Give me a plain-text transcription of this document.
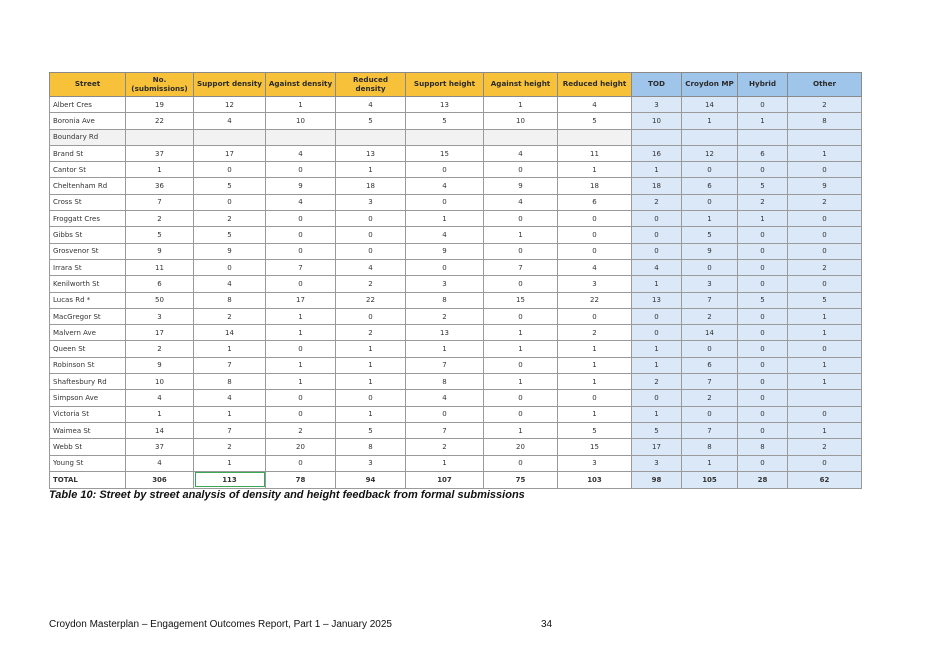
Street	No. (submissions)	Support density	Against density	Reduced density	Support height	Against height	Reduced height	TOD	Croydon MP	Hybrid	Other
Albert Cres	19	12	1	4	13	1	4	3	14	0	2
Boronia Ave	22	4	10	5	5	10	5	10	1	1	8
Boundary Rd											
Brand St	37	17	4	13	15	4	11	16	12	6	1
Cantor St	1	0	0	1	0	0	1	1	0	0	0
Cheltenham Rd	36	5	9	18	4	9	18	18	6	5	9
Cross St	7	0	4	3	0	4	6	2	0	2	2
Froggatt Cres	2	2	0	0	1	0	0	0	1	1	0
Gibbs St	5	5	0	0	4	1	0	0	5	0	0
Grosvenor St	9	9	0	0	9	0	0	0	9	0	0
Irrara St	11	0	7	4	0	7	4	4	0	0	2
Kenilworth St	6	4	0	2	3	0	3	1	3	0	0
Lucas Rd *	50	8	17	22	8	15	22	13	7	5	5
MacGregor St	3	2	1	0	2	0	0	0	2	0	1
Malvern Ave	17	14	1	2	13	1	2	0	14	0	1
Queen St	2	1	0	1	1	1	1	1	0	0	0
Robinson St	9	7	1	1	7	0	1	1	6	0	1
Shaftesbury Rd	10	8	1	1	8	1	1	2	7	0	1
Simpson Ave	4	4	0	0	4	0	0	0	2	0	
Victoria St	1	1	0	1	0	0	1	1	0	0	0
Waimea St	14	7	2	5	7	1	5	5	7	0	1
Webb St	37	2	20	8	2	20	15	17	8	8	2
Young St	4	1	0	3	1	0	3	3	1	0	0
TOTAL	306	113	78	94	107	75	103	98	105	28	62
Table 10: Street by street analysis of density and height feedback from formal submissions
Croydon Masterplan – Engagement Outcomes Report, Part 1 – January 2025	34
